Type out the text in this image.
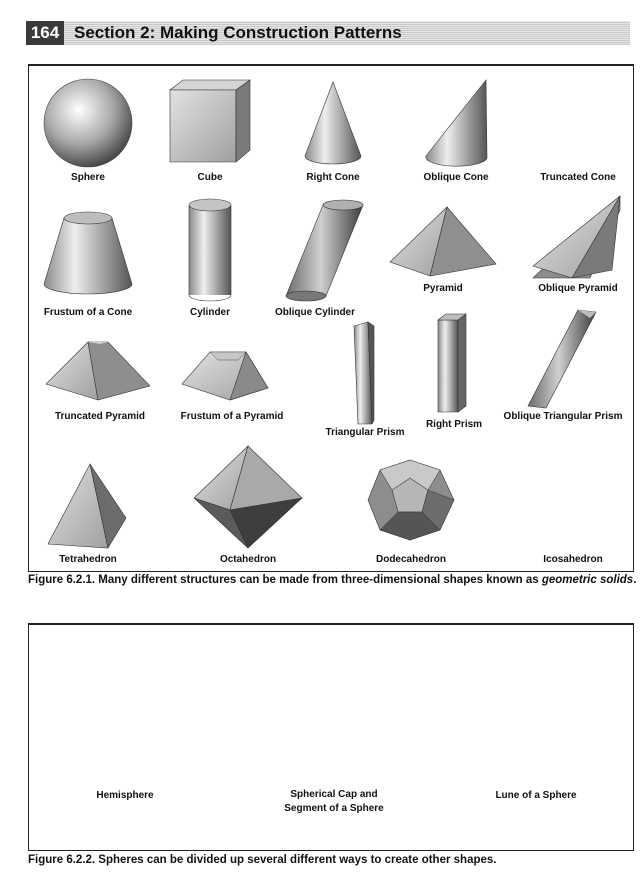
164 Section 2: Making Construction Patterns
Sphere	Cube	Right Cone	Oblique Cone	Truncated Cone
Frustum of a Cone	Cylinder	Oblique Cylinder
Pyramid	Oblique Pyramid
Truncated Pyramid	Frustum of a Pyramid
Triangular Prism
Right Prism
Oblique Triangular Prism
Tetrahedron	Octahedron	Dodecahedron	Icosahedron
Figure 6.2.1. Many different structures can be made from three-dimensional shapes known as geometric solids.
Hemisphere	Spherical Cap and
Segment of a Sphere
Lune of a Sphere
Figure 6.2.2. Spheres can be divided up several different ways to create other shapes.
